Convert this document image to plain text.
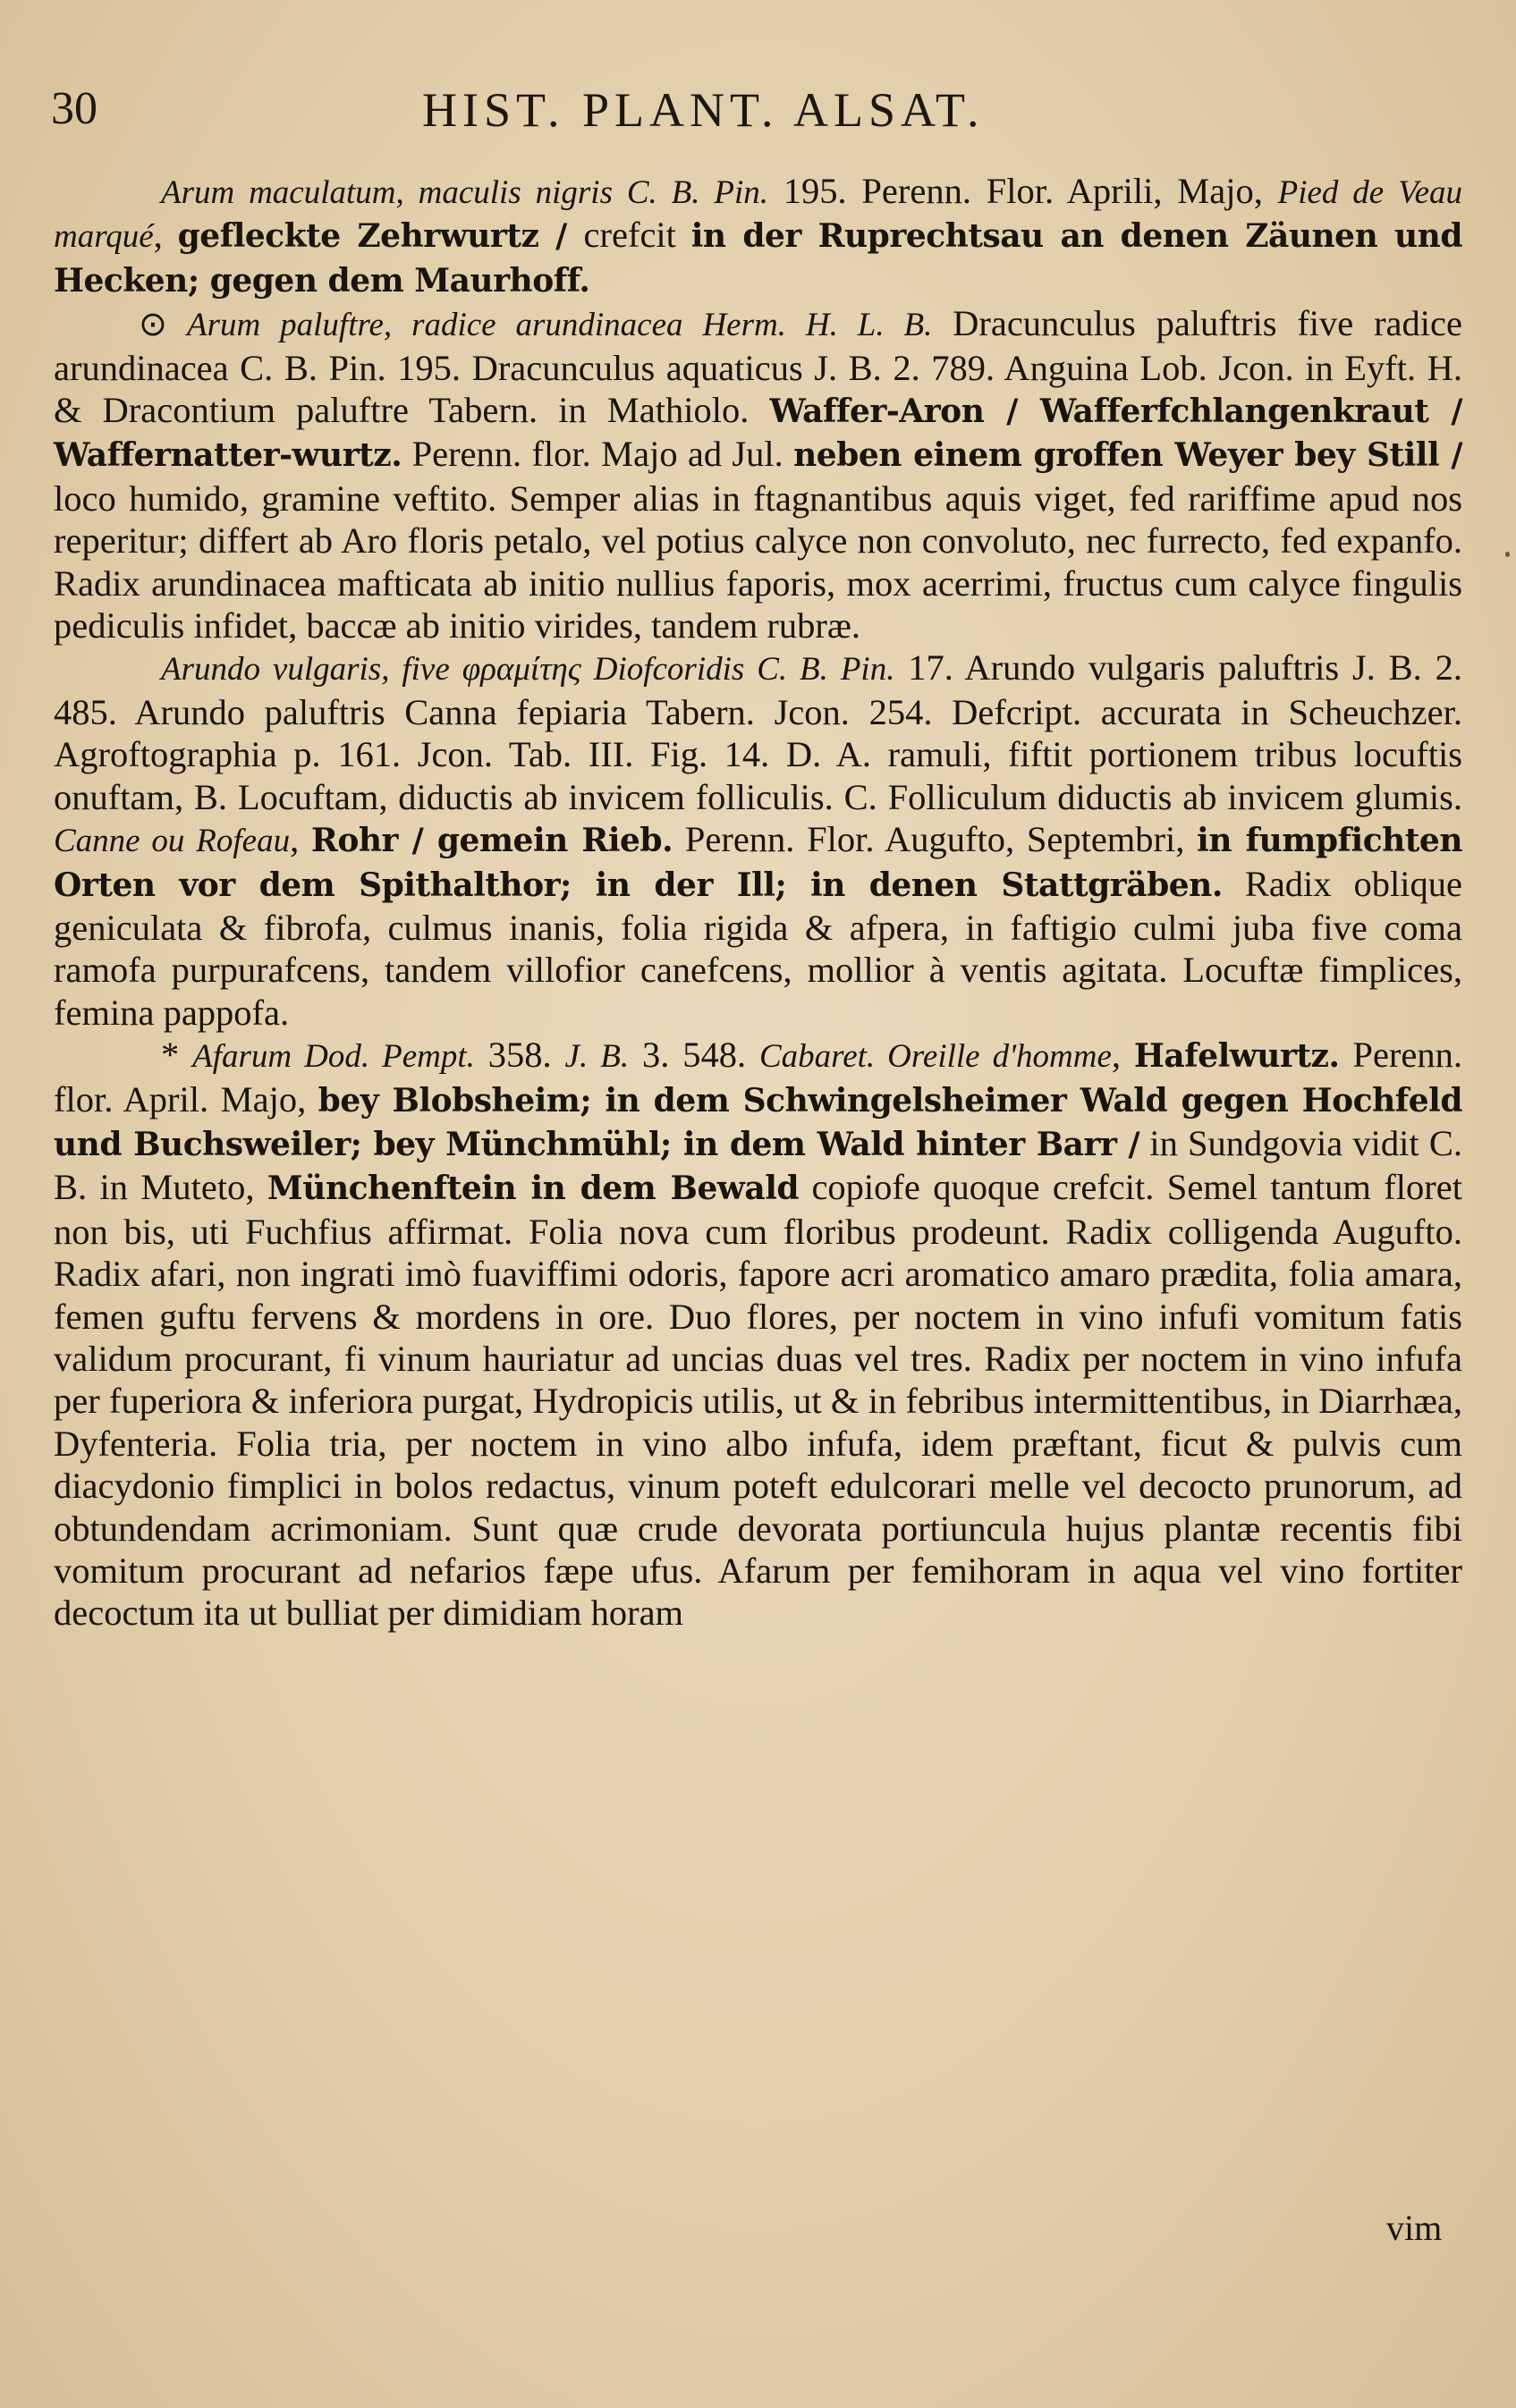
30	HIST. PLANT. ALSAT.

Arum maculatum, maculis nigris C. B. Pin. 195. Perenn. Flor. Aprili, Majo, Pied de Veau marqué, gefleckte Zehrwurtz / crefcit in der Ruprechtsau an denen Zäunen und Hecken; gegen dem Maurhoff.

⊙ Arum paluftre, radice arundinacea Herm. H. L. B. Dracunculus paluftris five radice arundinacea C. B. Pin. 195. Dracunculus aquaticus J. B. 2. 789. Anguina Lob. Jcon. in Eyft. H. & Dracontium paluftre Tabern. in Mathiolo. Waffer-Aron / Wafferfchlangenkraut / Waffernatter-wurtz. Perenn. flor. Majo ad Jul. neben einem groffen Weyer bey Still / loco humido, gramine veftito. Semper alias in ftagnantibus aquis viget, fed rariffime apud nos reperitur; differt ab Aro floris petalo, vel potius calyce non convoluto, nec furrecto, fed expanfo. Radix arundinacea mafticata ab initio nullius faporis, mox acerrimi, fructus cum calyce fingulis pediculis infidet, baccæ ab initio virides, tandem rubræ.

Arundo vulgaris, five φραμίτης Diofcoridis C. B. Pin. 17. Arundo vulgaris paluftris J. B. 2. 485. Arundo paluftris Canna fepiaria Tabern. Jcon. 254. Defcript. accurata in Scheuchzer. Agroftographia p. 161. Jcon. Tab. III. Fig. 14. D. A. ramuli, fiftit portionem tribus locuftis onuftam, B. Locuftam, diductis ab invicem folliculis. C. Folliculum diductis ab invicem glumis. Canne ou Rofeau, Rohr / gemein Rieb. Perenn. Flor. Augufto, Septembri, in fumpfichten Orten vor dem Spithalthor; in der Ill; in denen Stattgräben. Radix oblique geniculata & fibrofa, culmus inanis, folia rigida & afpera, in faftigio culmi juba five coma ramofa purpurafcens, tandem villofior canefcens, mollior à ventis agitata. Locuftæ fimplices, femina pappofa.

* Afarum Dod. Pempt. 358. J. B. 3. 548. Cabaret. Oreille d'homme, Hafelwurtz. Perenn. flor. April. Majo, bey Blobsheim; in dem Schwingelsheimer Wald gegen Hochfeld und Buchsweiler; bey Münchmühl; in dem Wald hinter Barr / in Sundgovia vidit C. B. in Muteto, Münchenftein in dem Bewald copiofe quoque crefcit. Semel tantum floret non bis, uti Fuchfius affirmat. Folia nova cum floribus prodeunt. Radix colligenda Augufto. Radix afari, non ingrati imò fuaviffimi odoris, fapore acri aromatico amaro prædita, folia amara, femen guftu fervens & mordens in ore. Duo flores, per noctem in vino infufi vomitum fatis validum procurant, fi vinum hauriatur ad uncias duas vel tres. Radix per noctem in vino infufa per fuperiora & inferiora purgat, Hydropicis utilis, ut & in febribus intermittentibus, in Diarrhæa, Dyfenteria. Folia tria, per noctem in vino albo infufa, idem præftant, ficut & pulvis cum diacydonio fimplici in bolos redactus, vinum poteft edulcorari melle vel decocto prunorum, ad obtundendam acrimoniam. Sunt quæ crude devorata portiuncula hujus plantæ recentis fibi vomitum procurant ad nefarios fæpe ufus. Afarum per femihoram in aqua vel vino fortiter decoctum ita ut bulliat per dimidiam horam

vim
